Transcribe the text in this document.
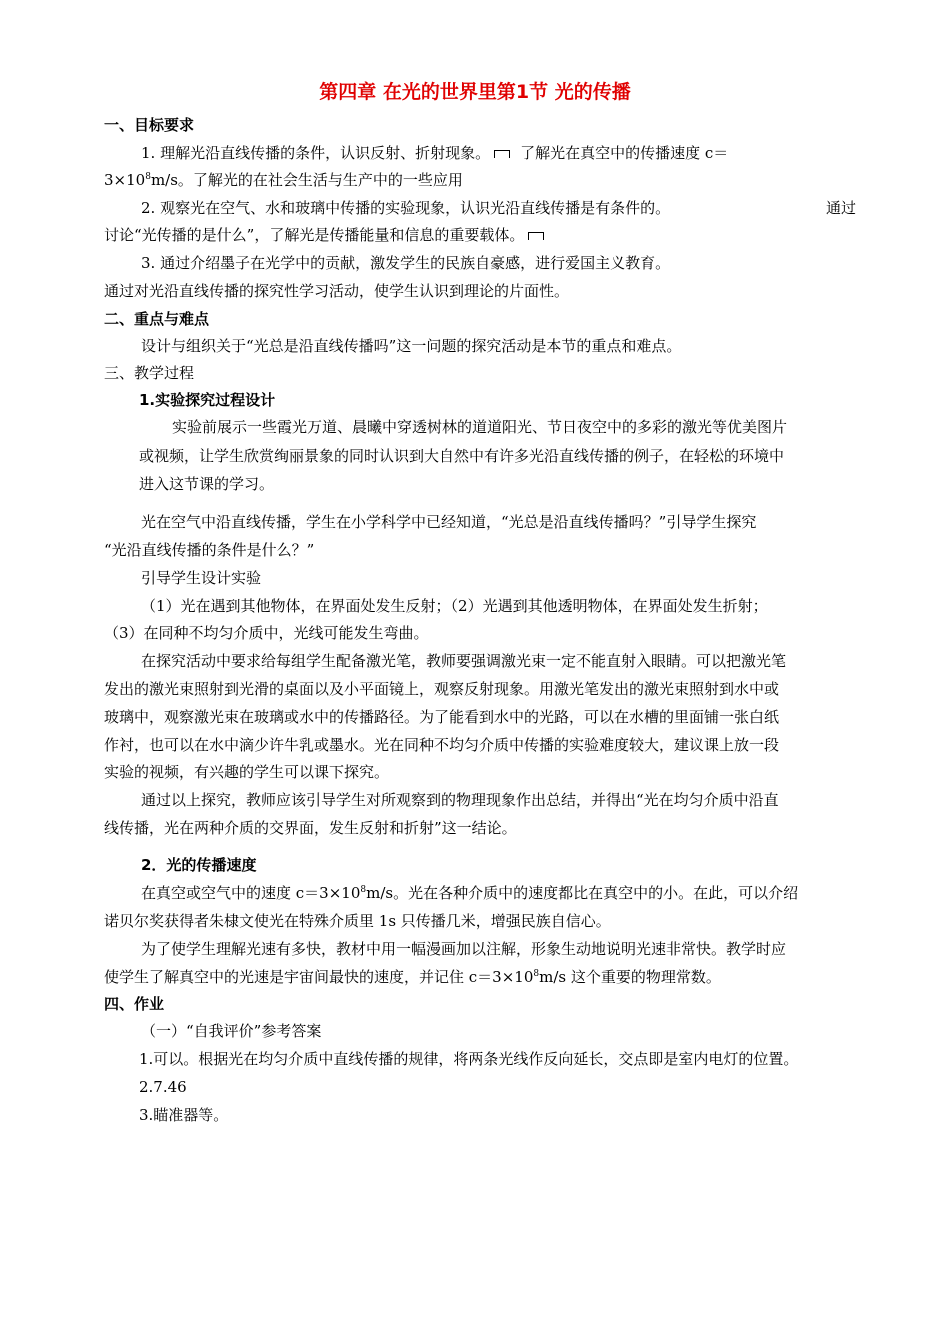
第四章 在光的世界里第1节 光的传播
一、目标要求
1. 理解光沿直线传播的条件，认识反射、折射现象。 了解光在真空中的传播速度 c＝
$3\times 10^8m/s$。了解光的在社会生活与生产中的一些应用
2. 观察光在空气、水和玻璃中传播的实验现象，认识光沿直线传播是有条件的。	通过
讨论“光传播的是什么”，了解光是传播能量和信息的重要载体。
3. 通过介绍墨子在光学中的贡献，激发学生的民族自豪感，进行爱国主义教育。
通过对光沿直线传播的探究性学习活动，使学生认识到理论的片面性。
二、重点与难点
设计与组织关于“光总是沿直线传播吗”这一问题的探究活动是本节的重点和难点。
三、教学过程
1.实验探究过程设计
实验前展示一些霞光万道、晨曦中穿透树林的道道阳光、节日夜空中的多彩的激光等优美图片
或视频，让学生欣赏绚丽景象的同时认识到大自然中有许多光沿直线传播的例子，在轻松的环境中
进入这节课的学习。
光在空气中沿直线传播，学生在小学科学中已经知道，“光总是沿直线传播吗？”引导学生探究
“光沿直线传播的条件是什么？”
引导学生设计实验
（1）光在遇到其他物体，在界面处发生反射；（2）光遇到其他透明物体，在界面处发生折射；
（3）在同种不均匀介质中，光线可能发生弯曲。
在探究活动中要求给每组学生配备激光笔，教师要强调激光束一定不能直射入眼睛。可以把激光笔
发出的激光束照射到光滑的桌面以及小平面镜上，观察反射现象。用激光笔发出的激光束照射到水中或
玻璃中，观察激光束在玻璃或水中的传播路径。为了能看到水中的光路，可以在水槽的里面铺一张白纸
作衬，也可以在水中滴少许牛乳或墨水。光在同种不均匀介质中传播的实验难度较大，建议课上放一段
实验的视频，有兴趣的学生可以课下探究。
通过以上探究，教师应该引导学生对所观察到的物理现象作出总结，并得出“光在均匀介质中沿直
线传播，光在两种介质的交界面，发生反射和折射”这一结论。
2．光的传播速度
在真空或空气中的速度 $c=3\times 10^8m/s$。光在各种介质中的速度都比在真空中的小。在此，可以介绍
诺贝尔奖获得者朱棣文使光在特殊介质里 1s 只传播几米，增强民族自信心。
为了使学生理解光速有多快，教材中用一幅漫画加以注解，形象生动地说明光速非常快。教学时应
使学生了解真空中的光速是宇宙间最快的速度，并记住 $c=3\times 10^8m/s$ 这个重要的物理常数。
四、作业
（一）“自我评价”参考答案
1.可以。根据光在均匀介质中直线传播的规律，将两条光线作反向延长，交点即是室内电灯的位置。
2.7.46
3.瞄准器等。
